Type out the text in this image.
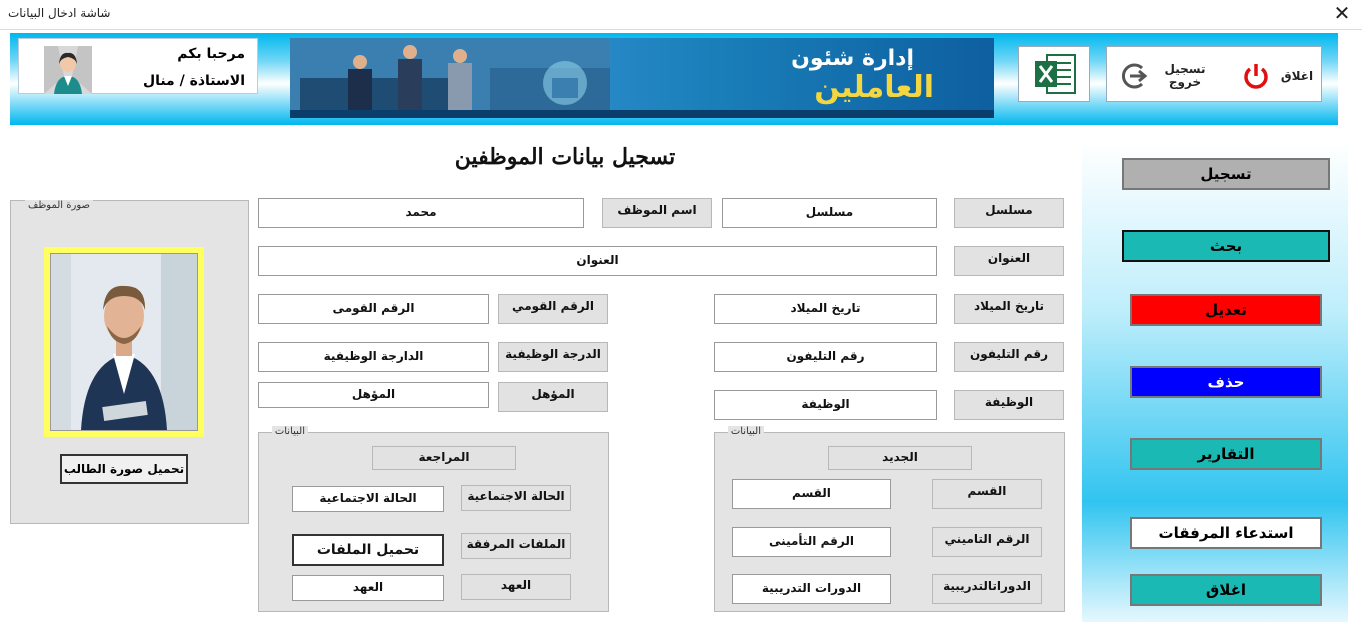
شاشة ادخال البيانات	✕
مرحبا بكم
الاستاذة / منال
إدارة شئون
العاملين
تسجيل
خروج	اغلاق
تسجيل بيانات الموظفين
صورة الموظف
تحميل صورة الطالب
مسلسل
مسلسل
اسم الموظف
محمد
العنوان
العنوان
تاريخ الميلاد
تاريخ الميلاد
الرقم القومي
الرقم القومى
رقم التليفون
رقم التليفون
الدرجة الوظيفية
الدارجة الوظيفية
الوظيفة
الوظيفة
المؤهل
المؤهل
البيانات
المراجعة
الحالة الاجتماعية
الحالة الاجتماعية
الملفات المرفقة
تحميل الملفات
العهد
العهد
البيانات
الجديد
القسم
القسم
الرقم التاميني
الرقم التأمينى
الدوراتالتدريبية
الدورات التدريبية
تسجيل
بحث
تعديل
حذف
التقارير
استدعاء المرفقات
اغلاق
